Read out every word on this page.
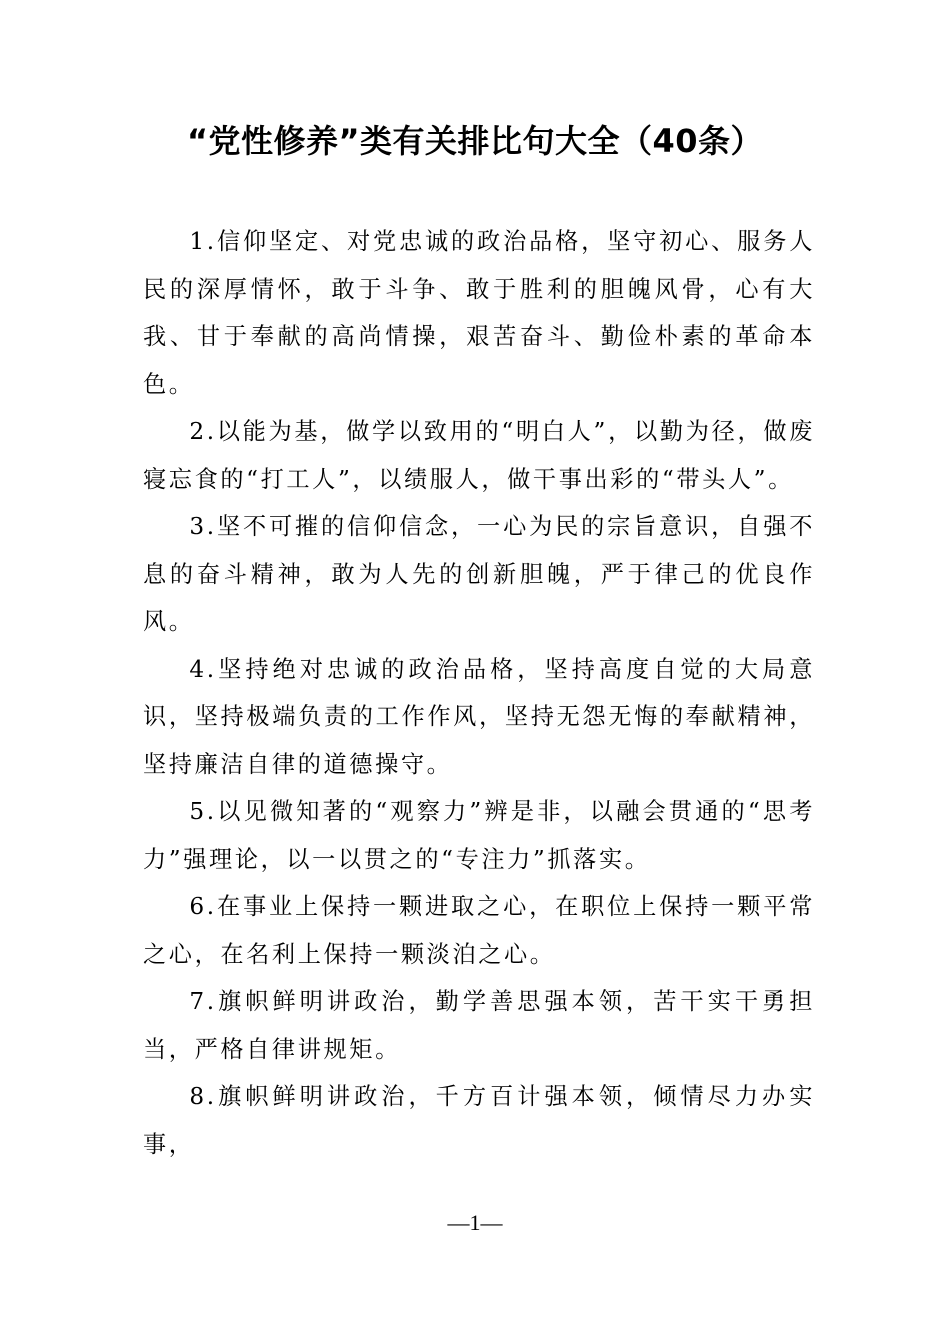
“党性修养”类有关排比句大全（40条）

1.信仰坚定、对党忠诚的政治品格，坚守初心、服务人民的深厚情怀，敢于斗争、敢于胜利的胆魄风骨，心有大我、甘于奉献的高尚情操，艰苦奋斗、勤俭朴素的革命本色。

2.以能为基，做学以致用的“明白人”，以勤为径，做废寝忘食的“打工人”，以绩服人，做干事出彩的“带头人”。

3.坚不可摧的信仰信念，一心为民的宗旨意识，自强不息的奋斗精神，敢为人先的创新胆魄，严于律己的优良作风。

4.坚持绝对忠诚的政治品格，坚持高度自觉的大局意识，坚持极端负责的工作作风，坚持无怨无悔的奉献精神，坚持廉洁自律的道德操守。

5.以见微知著的“观察力”辨是非，以融会贯通的“思考力”强理论，以一以贯之的“专注力”抓落实。

6.在事业上保持一颗进取之心，在职位上保持一颗平常之心，在名利上保持一颗淡泊之心。

7.旗帜鲜明讲政治，勤学善思强本领，苦干实干勇担当，严格自律讲规矩。

8.旗帜鲜明讲政治，千方百计强本领，倾情尽力办实事，

—1—
